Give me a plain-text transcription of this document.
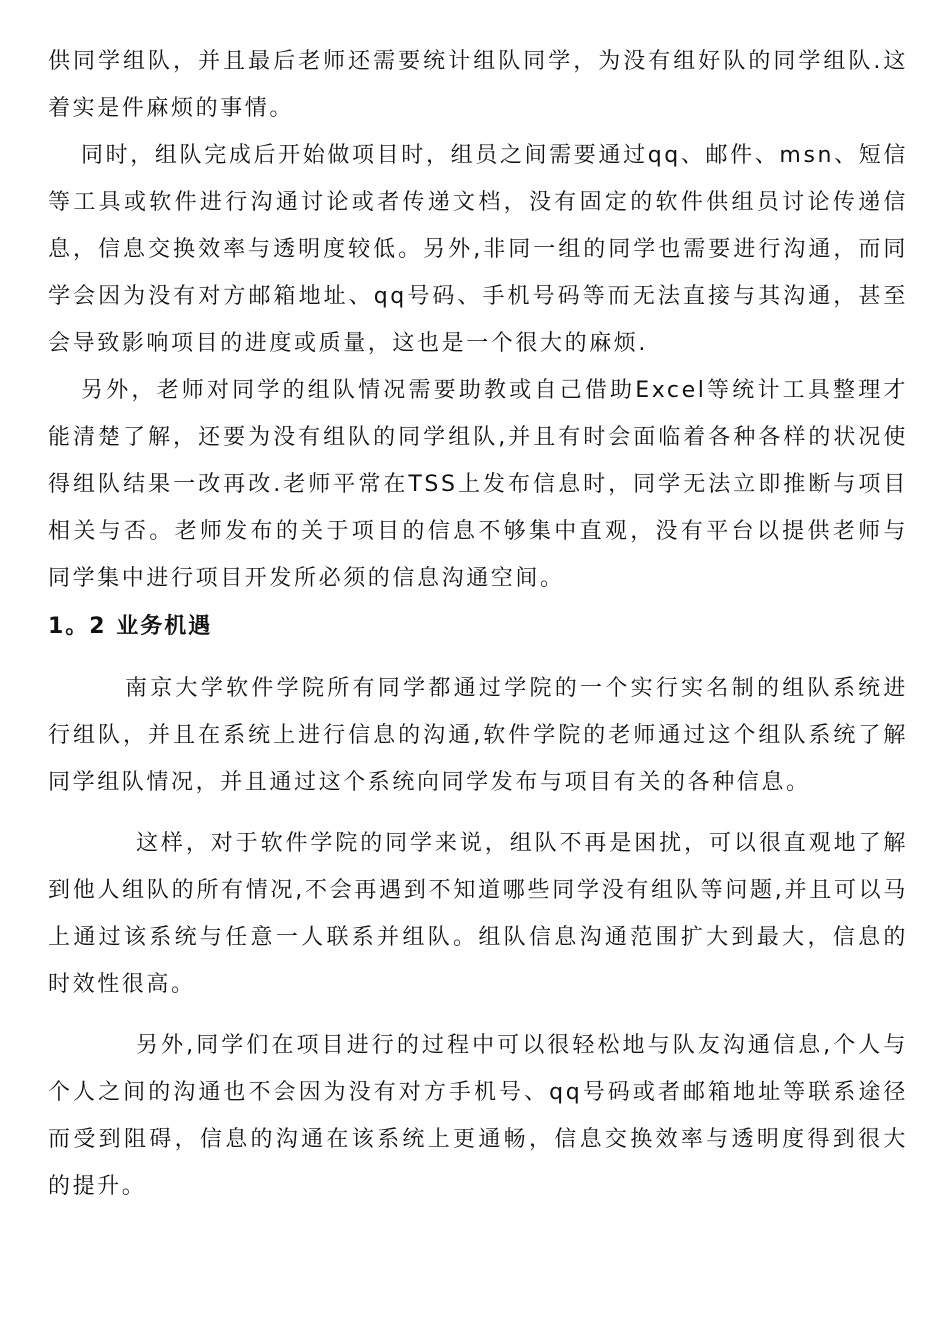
供同学组队，并且最后老师还需要统计组队同学，为没有组好队的同学组队.这着实是件麻烦的事情。

同时，组队完成后开始做项目时，组员之间需要通过qq、邮件、msn、短信等工具或软件进行沟通讨论或者传递文档，没有固定的软件供组员讨论传递信息，信息交换效率与透明度较低。另外,非同一组的同学也需要进行沟通，而同学会因为没有对方邮箱地址、qq号码、手机号码等而无法直接与其沟通，甚至会导致影响项目的进度或质量，这也是一个很大的麻烦.

另外，老师对同学的组队情况需要助教或自己借助Excel等统计工具整理才能清楚了解，还要为没有组队的同学组队,并且有时会面临着各种各样的状况使得组队结果一改再改.老师平常在TSS上发布信息时，同学无法立即推断与项目相关与否。老师发布的关于项目的信息不够集中直观，没有平台以提供老师与同学集中进行项目开发所必须的信息沟通空间。

1。2 业务机遇

南京大学软件学院所有同学都通过学院的一个实行实名制的组队系统进行组队，并且在系统上进行信息的沟通,软件学院的老师通过这个组队系统了解同学组队情况，并且通过这个系统向同学发布与项目有关的各种信息。

这样，对于软件学院的同学来说，组队不再是困扰，可以很直观地了解到他人组队的所有情况,不会再遇到不知道哪些同学没有组队等问题,并且可以马上通过该系统与任意一人联系并组队。组队信息沟通范围扩大到最大，信息的时效性很高。

另外,同学们在项目进行的过程中可以很轻松地与队友沟通信息,个人与个人之间的沟通也不会因为没有对方手机号、qq号码或者邮箱地址等联系途径而受到阻碍，信息的沟通在该系统上更通畅，信息交换效率与透明度得到很大的提升。
